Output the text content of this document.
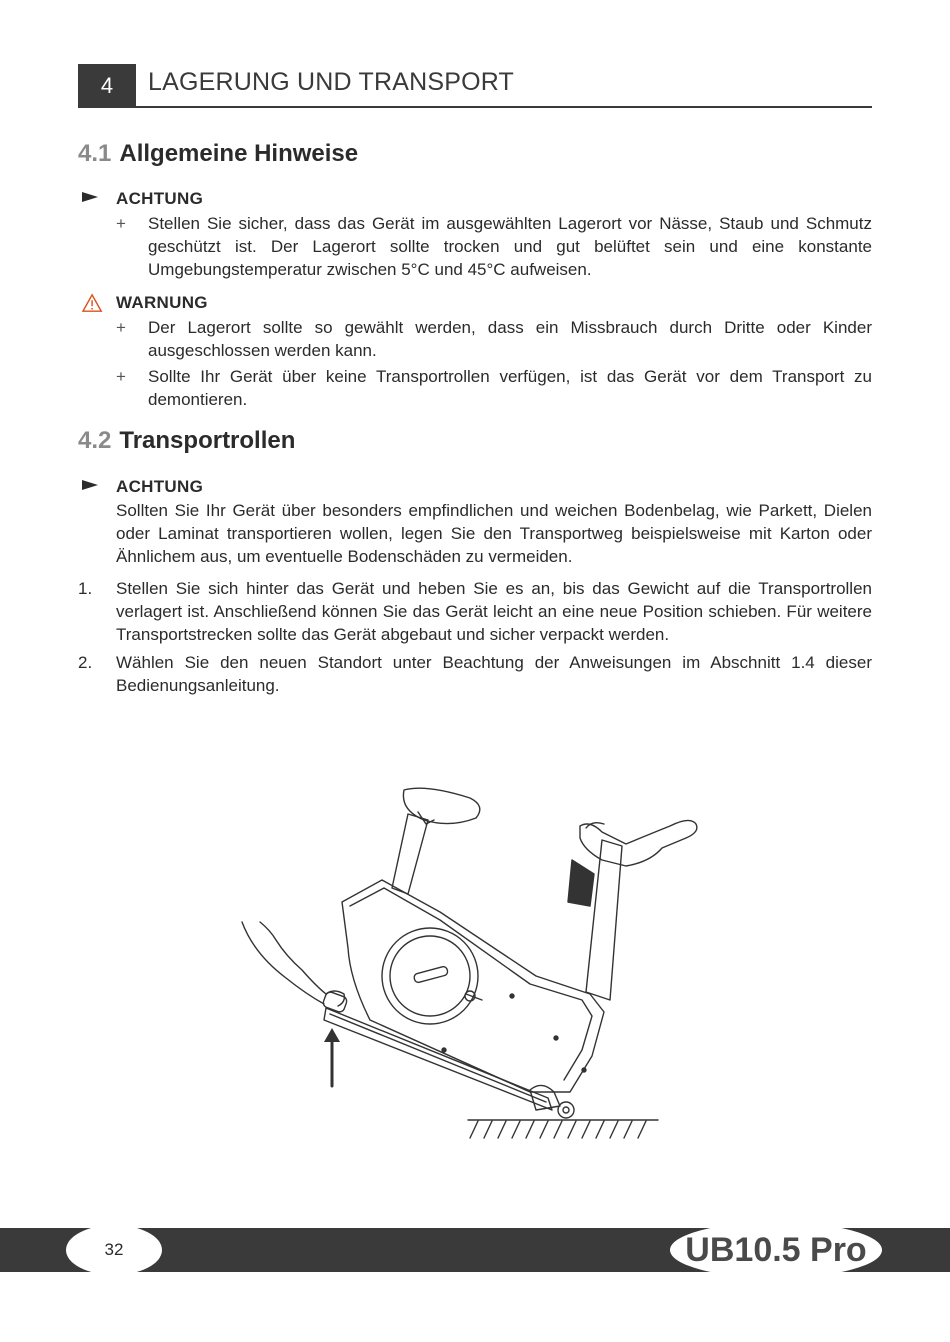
4 LAGERUNG UND TRANSPORT
4.1 Allgemeine Hinweise
ACHTUNG
+	Stellen Sie sicher, dass das Gerät im ausgewählten Lagerort vor Nässe, Staub und Schmutz geschützt ist. Der Lagerort sollte trocken und gut belüftet sein und eine konstante Umgebungstemperatur zwischen 5°C und 45°C aufweisen.
WARNUNG
+	Der Lagerort sollte so gewählt werden, dass ein Missbrauch durch Dritte oder Kinder ausgeschlossen werden kann.
+	Sollte Ihr Gerät über keine Transportrollen verfügen, ist das Gerät vor dem Transport zu demontieren.
4.2 Transportrollen
ACHTUNG
Sollten Sie Ihr Gerät über besonders empfindlichen und weichen Bodenbelag, wie Parkett, Dielen oder Laminat transportieren wollen, legen Sie den Transportweg beispielsweise mit Karton oder Ähnlichem aus, um eventuelle Bodenschäden zu vermeiden.
1. Stellen Sie sich hinter das Gerät und heben Sie es an, bis das Gewicht auf die Transportrollen verlagert ist. Anschließend können Sie das Gerät leicht an eine neue Position schieben. Für weitere Transportstrecken sollte das Gerät abgebaut und sicher verpackt werden.
2. Wählen Sie den neuen Standort unter Beachtung der Anweisungen im Abschnitt 1.4 dieser Bedienungsanleitung.
32	UB10.5 Pro
